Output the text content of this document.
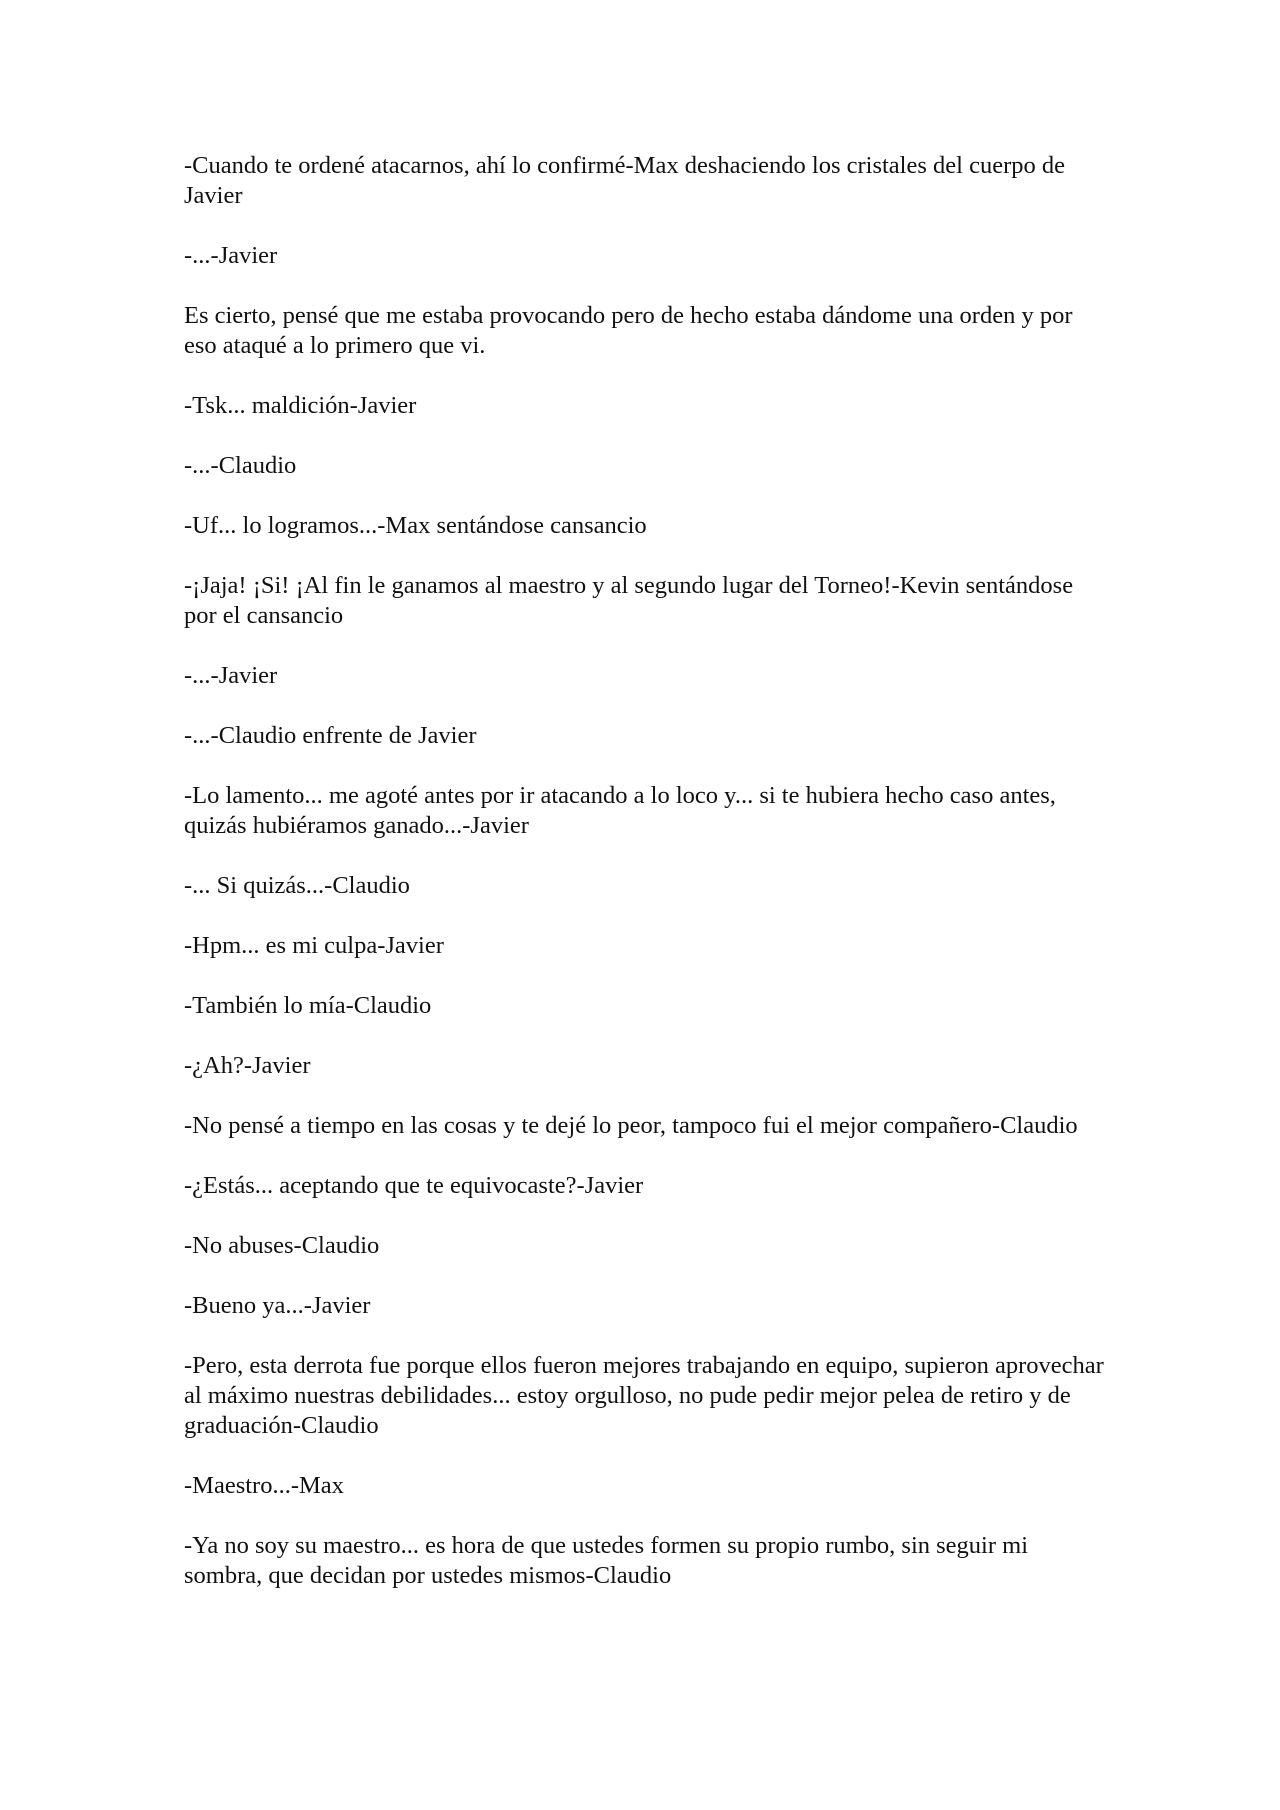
-Cuando te ordené atacarnos, ahí lo confirmé-Max deshaciendo los cristales del cuerpo de Javier

-...-Javier

Es cierto, pensé que me estaba provocando pero de hecho estaba dándome una orden y por eso ataqué a lo primero que vi.

-Tsk... maldición-Javier

-...-Claudio

-Uf... lo logramos...-Max sentándose cansancio

-¡Jaja! ¡Si! ¡Al fin le ganamos al maestro y al segundo lugar del Torneo!-Kevin sentándose por el cansancio

-...-Javier

-...-Claudio enfrente de Javier

-Lo lamento... me agoté antes por ir atacando a lo loco y... si te hubiera hecho caso antes, quizás hubiéramos ganado...-Javier

-... Si quizás...-Claudio

-Hpm... es mi culpa-Javier

-También lo mía-Claudio

-¿Ah?-Javier

-No pensé a tiempo en las cosas y te dejé lo peor, tampoco fui el mejor compañero-Claudio

-¿Estás... aceptando que te equivocaste?-Javier

-No abuses-Claudio

-Bueno ya...-Javier

-Pero, esta derrota fue porque ellos fueron mejores trabajando en equipo, supieron aprovechar al máximo nuestras debilidades... estoy orgulloso, no pude pedir mejor pelea de retiro y de graduación-Claudio

-Maestro...-Max

-Ya no soy su maestro... es hora de que ustedes formen su propio rumbo, sin seguir mi sombra, que decidan por ustedes mismos-Claudio
